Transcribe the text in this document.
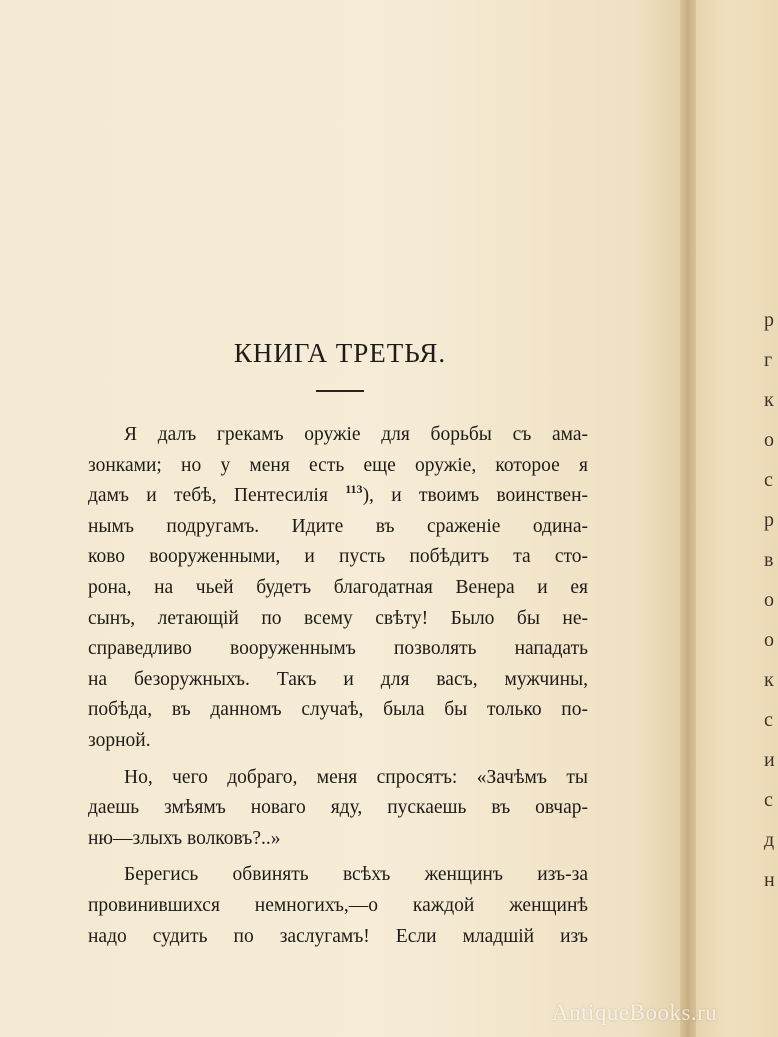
р
г
к
о
с
р
в
о
о
к
с
и
с
д
н
КНИГА ТРЕТЬЯ.
Я далъ грекамъ оружіе для борьбы съ ама-
зонками; но у меня есть еще оружіе, которое я
дамъ и тебѣ, Пентесилія $^{113}$), и твоимъ воинствен-
нымъ подругамъ. Идите въ сраженіе одина-
ково вооруженными, и пусть побѣдитъ та сто-
рона, на чьей будетъ благодатная Венера и ея
сынъ, летающій по всему свѣту! Было бы не-
справедливо вооруженнымъ позволять нападать
на безоружныхъ. Такъ и для васъ, мужчины,
побѣда, въ данномъ случаѣ, была бы только по-
зорной.
Но, чего добраго, меня спросятъ: «Зачѣмъ ты
даешь змѣямъ новаго яду, пускаешь въ овчар-
ню—злыхъ волковъ?..»
Берегись обвинять всѣхъ женщинъ изъ-за
провинившихся немногихъ,—о каждой женщинѣ
надо судить по заслугамъ! Если младшій изъ
AntiqueBooks.ru
